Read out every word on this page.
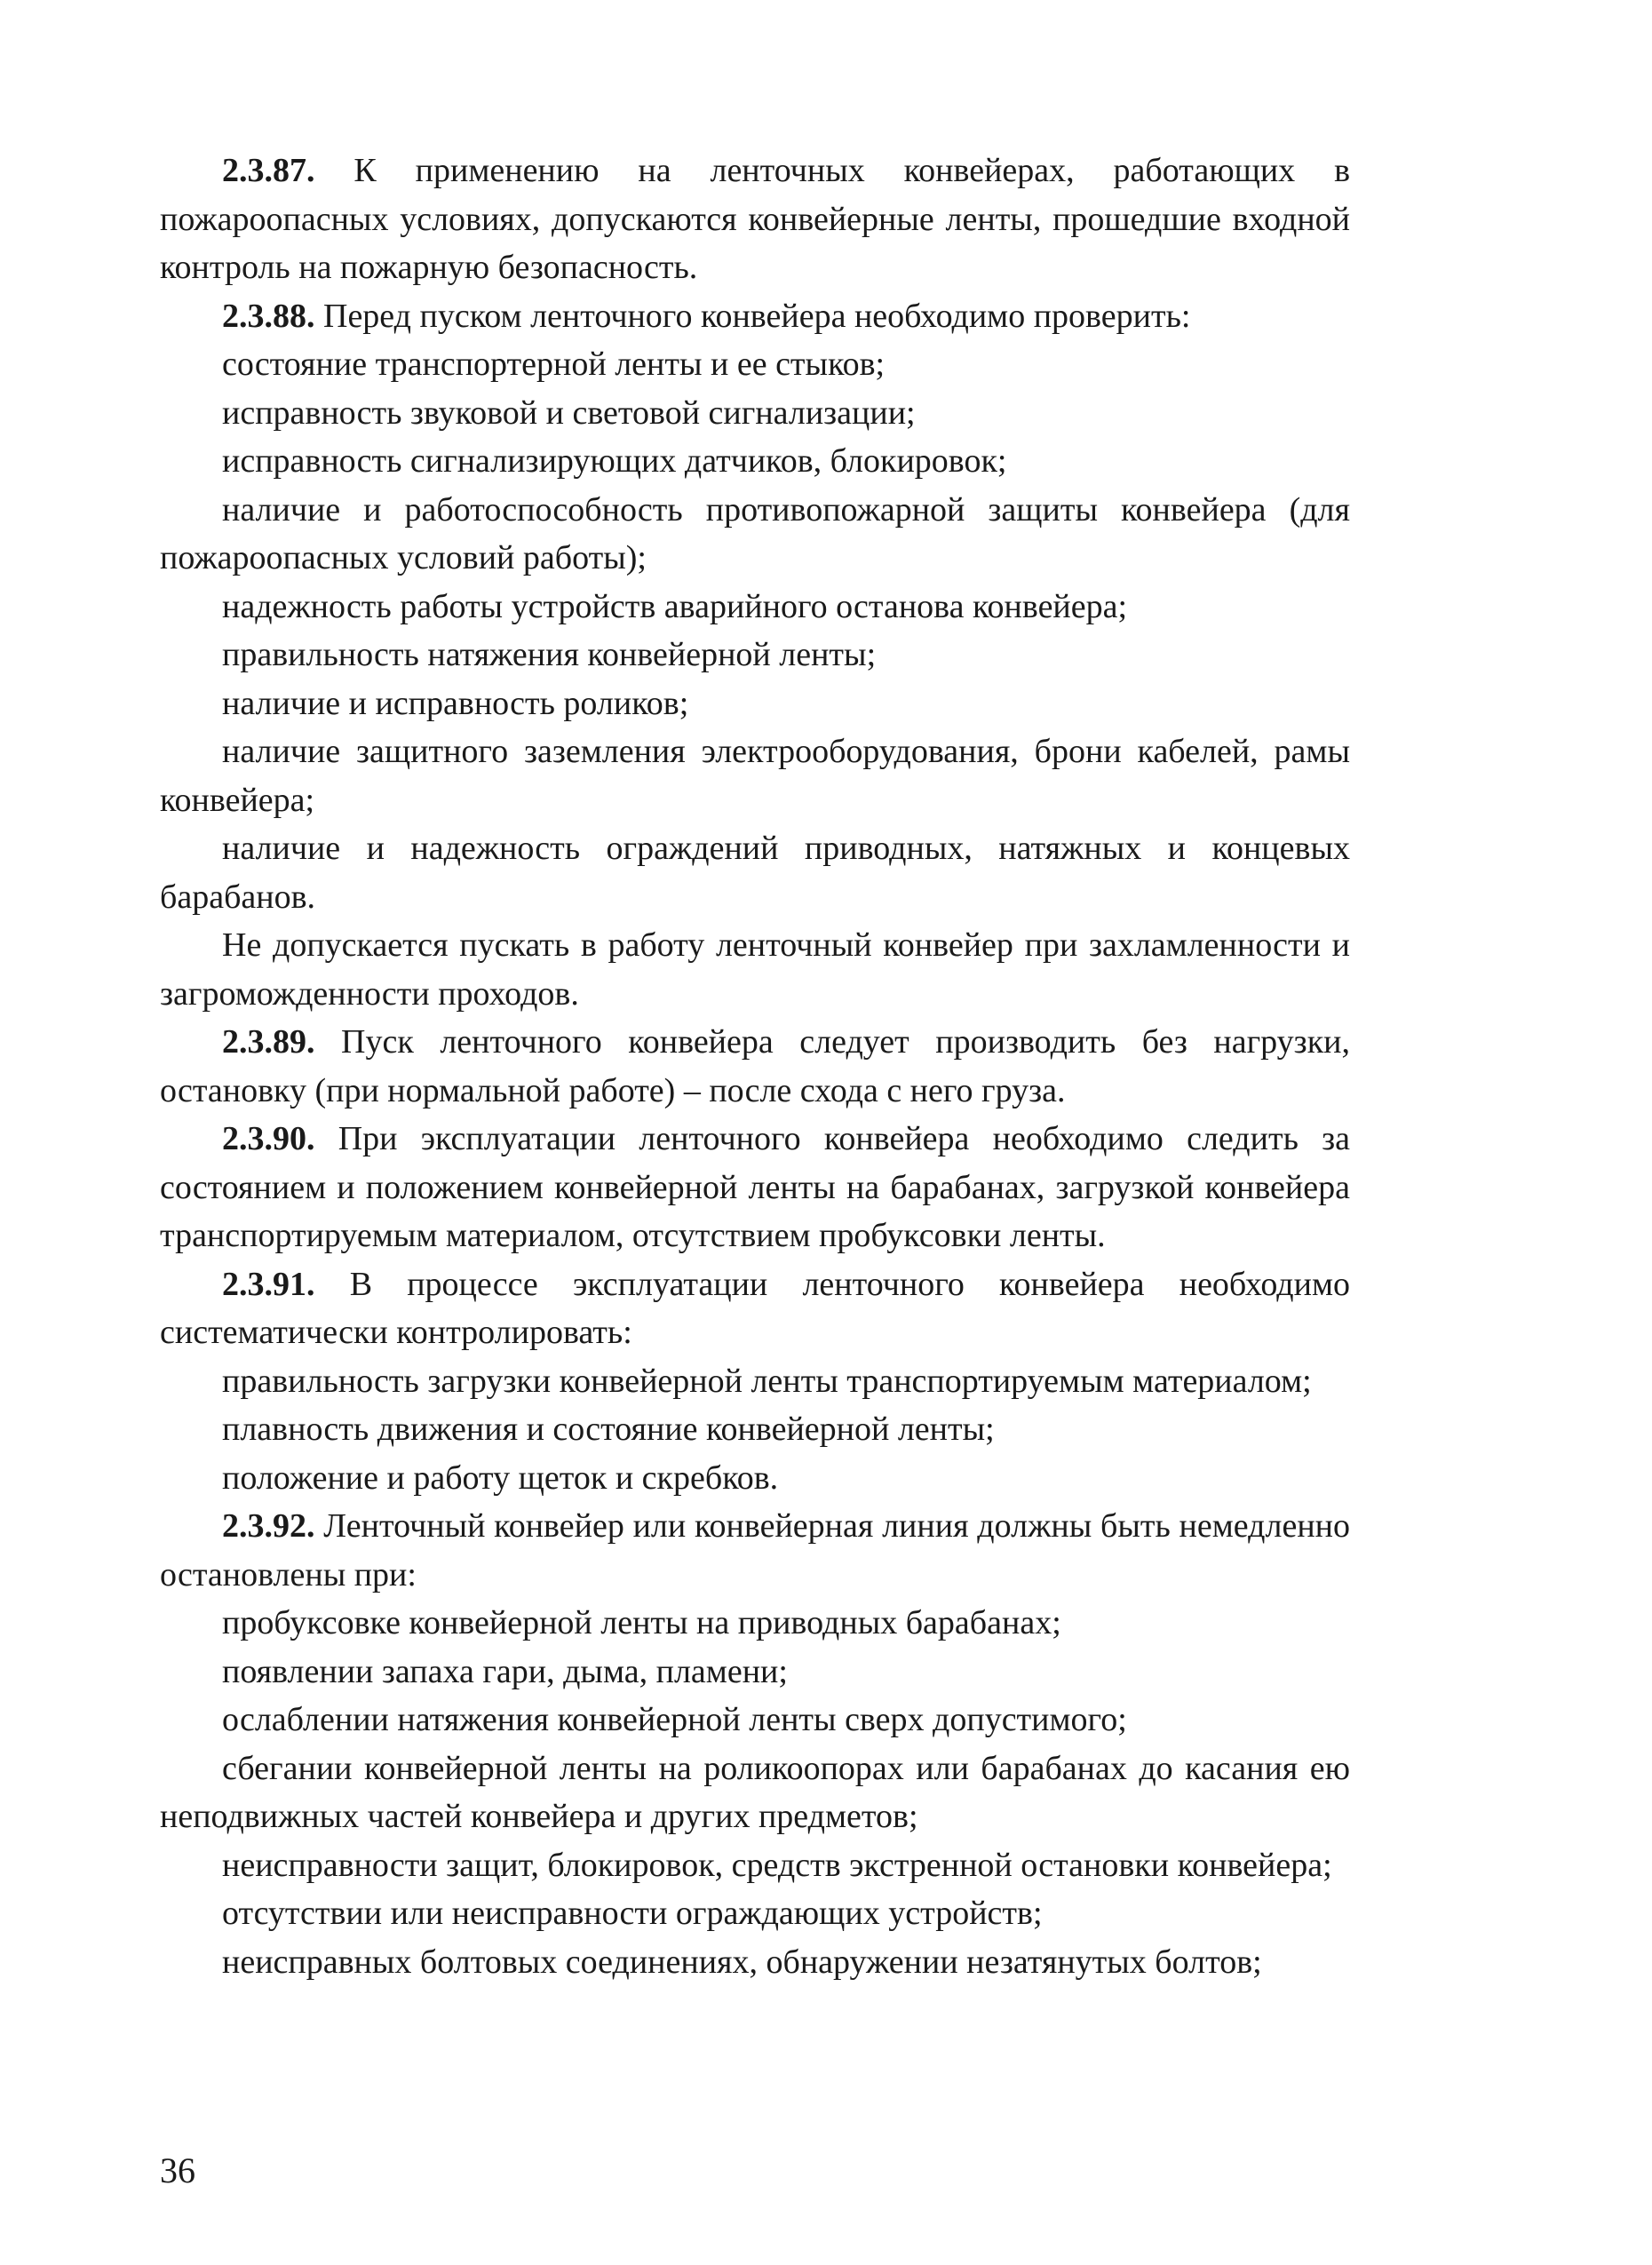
2.3.87. К применению на ленточных конвейерах, работающих в пожароопасных условиях, допускаются конвейерные ленты, прошедшие входной контроль на пожарную безопасность.

2.3.88. Перед пуском ленточного конвейера необходимо проверить:

состояние транспортерной ленты и ее стыков;

исправность звуковой и световой сигнализации;

исправность сигнализирующих датчиков, блокировок;

наличие и работоспособность противопожарной защиты конвейера (для пожароопасных условий работы);

надежность работы устройств аварийного останова конвейера;

правильность натяжения конвейерной ленты;

наличие и исправность роликов;

наличие защитного заземления электрооборудования, брони кабелей, рамы конвейера;

наличие и надежность ограждений приводных, натяжных и концевых барабанов.

Не допускается пускать в работу ленточный конвейер при захламленности и загроможденности проходов.

2.3.89. Пуск ленточного конвейера следует производить без нагрузки, остановку (при нормальной работе) – после схода с него груза.

2.3.90. При эксплуатации ленточного конвейера необходимо следить за состоянием и положением конвейерной ленты на барабанах, загрузкой конвейера транспортируемым материалом, отсутствием пробуксовки ленты.

2.3.91. В процессе эксплуатации ленточного конвейера необходимо систематически контролировать:

правильность загрузки конвейерной ленты транспортируемым материалом;

плавность движения и состояние конвейерной ленты;

положение и работу щеток и скребков.

2.3.92. Ленточный конвейер или конвейерная линия должны быть немедленно остановлены при:

пробуксовке конвейерной ленты на приводных барабанах;

появлении запаха гари, дыма, пламени;

ослаблении натяжения конвейерной ленты сверх допустимого;

сбегании конвейерной ленты на роликоопорах или барабанах до касания ею неподвижных частей конвейера и других предметов;

неисправности защит, блокировок, средств экстренной остановки конвейера;

отсутствии или неисправности ограждающих устройств;

неисправных болтовых соединениях, обнаружении незатянутых болтов;

36
